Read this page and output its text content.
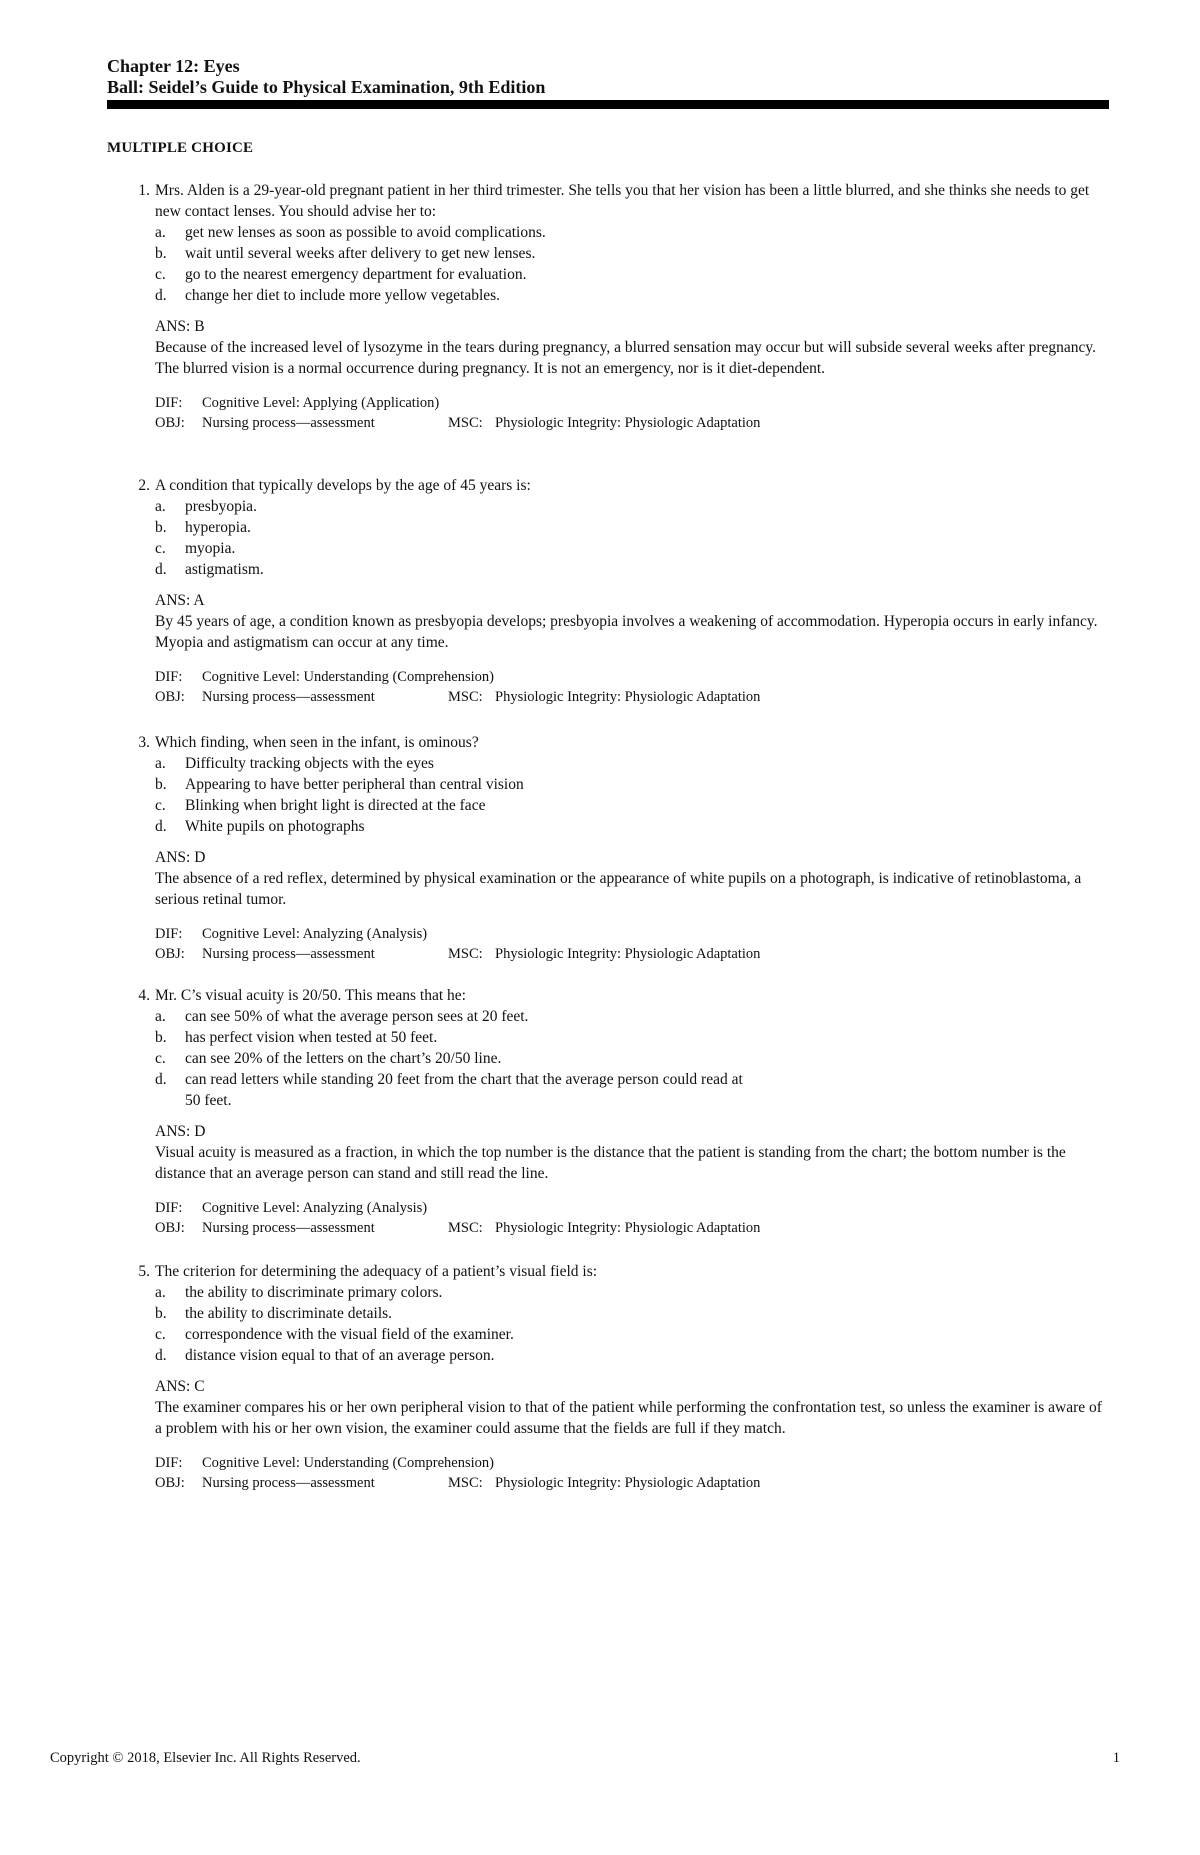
Chapter 12: Eyes
Ball: Seidel’s Guide to Physical Examination, 9th Edition
MULTIPLE CHOICE
1. Mrs. Alden is a 29-year-old pregnant patient in her third trimester. She tells you that her vision has been a little blurred, and she thinks she needs to get new contact lenses. You should advise her to:

a. get new lenses as soon as possible to avoid complications.
b. wait until several weeks after delivery to get new lenses.
c. go to the nearest emergency department for evaluation.
d. change her diet to include more yellow vegetables.
ANS: B

Because of the increased level of lysozyme in the tears during pregnancy, a blurred sensation may occur but will subside several weeks after pregnancy. The blurred vision is a normal occurrence during pregnancy. It is not an emergency, nor is it diet-dependent.

DIF: Cognitive Level: Applying (Application)
OBJ: Nursing process—assessment	MSC: Physiologic Integrity: Physiologic Adaptation
2. A condition that typically develops by the age of 45 years is:

a. presbyopia.
b. hyperopia.
c. myopia.
d. astigmatism.
ANS: A

By 45 years of age, a condition known as presbyopia develops; presbyopia involves a weakening of accommodation. Hyperopia occurs in early infancy. Myopia and astigmatism can occur at any time.

DIF: Cognitive Level: Understanding (Comprehension)
OBJ: Nursing process—assessment	MSC: Physiologic Integrity: Physiologic Adaptation
3. Which finding, when seen in the infant, is ominous?

a. Difficulty tracking objects with the eyes
b. Appearing to have better peripheral than central vision
c. Blinking when bright light is directed at the face
d. White pupils on photographs
ANS: D

The absence of a red reflex, determined by physical examination or the appearance of white pupils on a photograph, is indicative of retinoblastoma, a serious retinal tumor.

DIF: Cognitive Level: Analyzing (Analysis)
OBJ: Nursing process—assessment	MSC: Physiologic Integrity: Physiologic Adaptation
4. Mr. C’s visual acuity is 20/50. This means that he:

a. can see 50% of what the average person sees at 20 feet.
b. has perfect vision when tested at 50 feet.
c. can see 20% of the letters on the chart’s 20/50 line.
d. can read letters while standing 20 feet from the chart that the average person could read at 50 feet.
ANS: D

Visual acuity is measured as a fraction, in which the top number is the distance that the patient is standing from the chart; the bottom number is the distance that an average person can stand and still read the line.

DIF: Cognitive Level: Analyzing (Analysis)
OBJ: Nursing process—assessment	MSC: Physiologic Integrity: Physiologic Adaptation
5. The criterion for determining the adequacy of a patient’s visual field is:

a. the ability to discriminate primary colors.
b. the ability to discriminate details.
c. correspondence with the visual field of the examiner.
d. distance vision equal to that of an average person.
ANS: C

The examiner compares his or her own peripheral vision to that of the patient while performing the confrontation test, so unless the examiner is aware of a problem with his or her own vision, the examiner could assume that the fields are full if they match.

DIF: Cognitive Level: Understanding (Comprehension)
OBJ: Nursing process—assessment	MSC: Physiologic Integrity: Physiologic Adaptation
Copyright © 2018, Elsevier Inc. All Rights Reserved.	1
